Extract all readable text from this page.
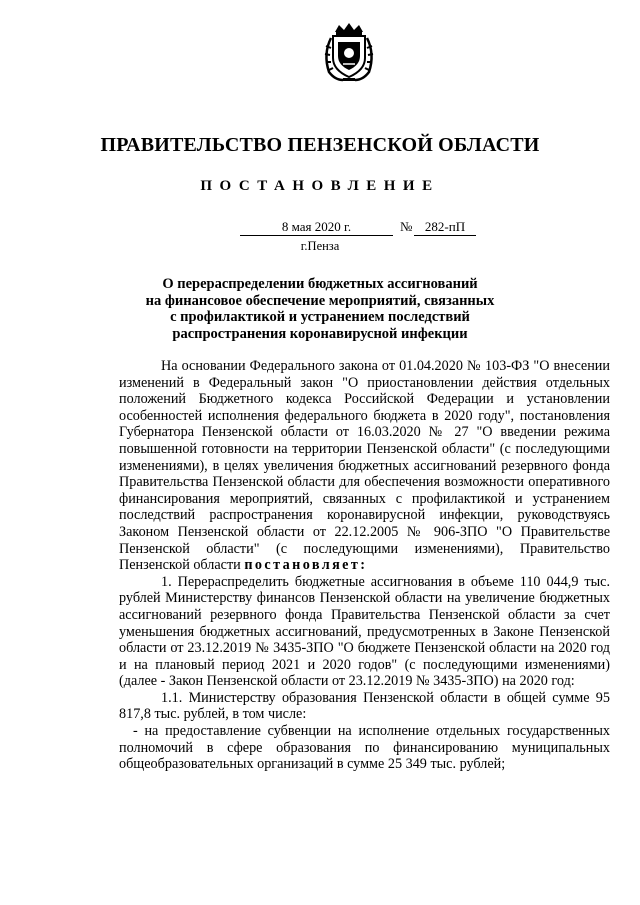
ПРАВИТЕЛЬСТВО ПЕНЗЕНСКОЙ ОБЛАСТИ
ПОСТАНОВЛЕНИЕ
8 мая 2020 г.	№ 282-пП
г.Пенза
О перераспределении бюджетных ассигнований
на финансовое обеспечение мероприятий, связанных
с профилактикой и устранением последствий
распространения коронавирусной инфекции

На основании Федерального закона от 01.04.2020 № 103-ФЗ "О внесении изменений в Федеральный закон "О приостановлении действия отдельных положений Бюджетного кодекса Российской Федерации и установлении особенностей исполнения федерального бюджета в 2020 году", постановления Губернатора Пензенской области от 16.03.2020 № 27 "О введении режима повышенной готовности на территории Пензенской области" (с последующими изменениями), в целях увеличения бюджетных ассигнований резервного фонда Правительства Пензенской области для обеспечения возможности оперативного финансирования мероприятий, связанных с профилактикой и устранением последствий распространения коронавирусной инфекции, руководствуясь Законом Пензенской области от 22.12.2005 № 906-ЗПО "О Правительстве Пензенской области" (с последующими изменениями), Правительство Пензенской области постановляет:

1. Перераспределить бюджетные ассигнования в объеме 110 044,9 тыс. рублей Министерству финансов Пензенской области на увеличение бюджетных ассигнований резервного фонда Правительства Пензенской области за счет уменьшения бюджетных ассигнований, предусмотренных в Законе Пензенской области от 23.12.2019 № 3435-ЗПО "О бюджете Пензенской области на 2020 год и на плановый период 2021 и 2020 годов" (с последующими изменениями) (далее - Закон Пензенской области от 23.12.2019 № 3435-ЗПО) на 2020 год:

1.1. Министерству образования Пензенской области в общей сумме 95 817,8 тыс. рублей, в том числе:

- на предоставление субвенции на исполнение отдельных государственных полномочий в сфере образования по финансированию муниципальных общеобразовательных организаций в сумме 25 349 тыс. рублей;
